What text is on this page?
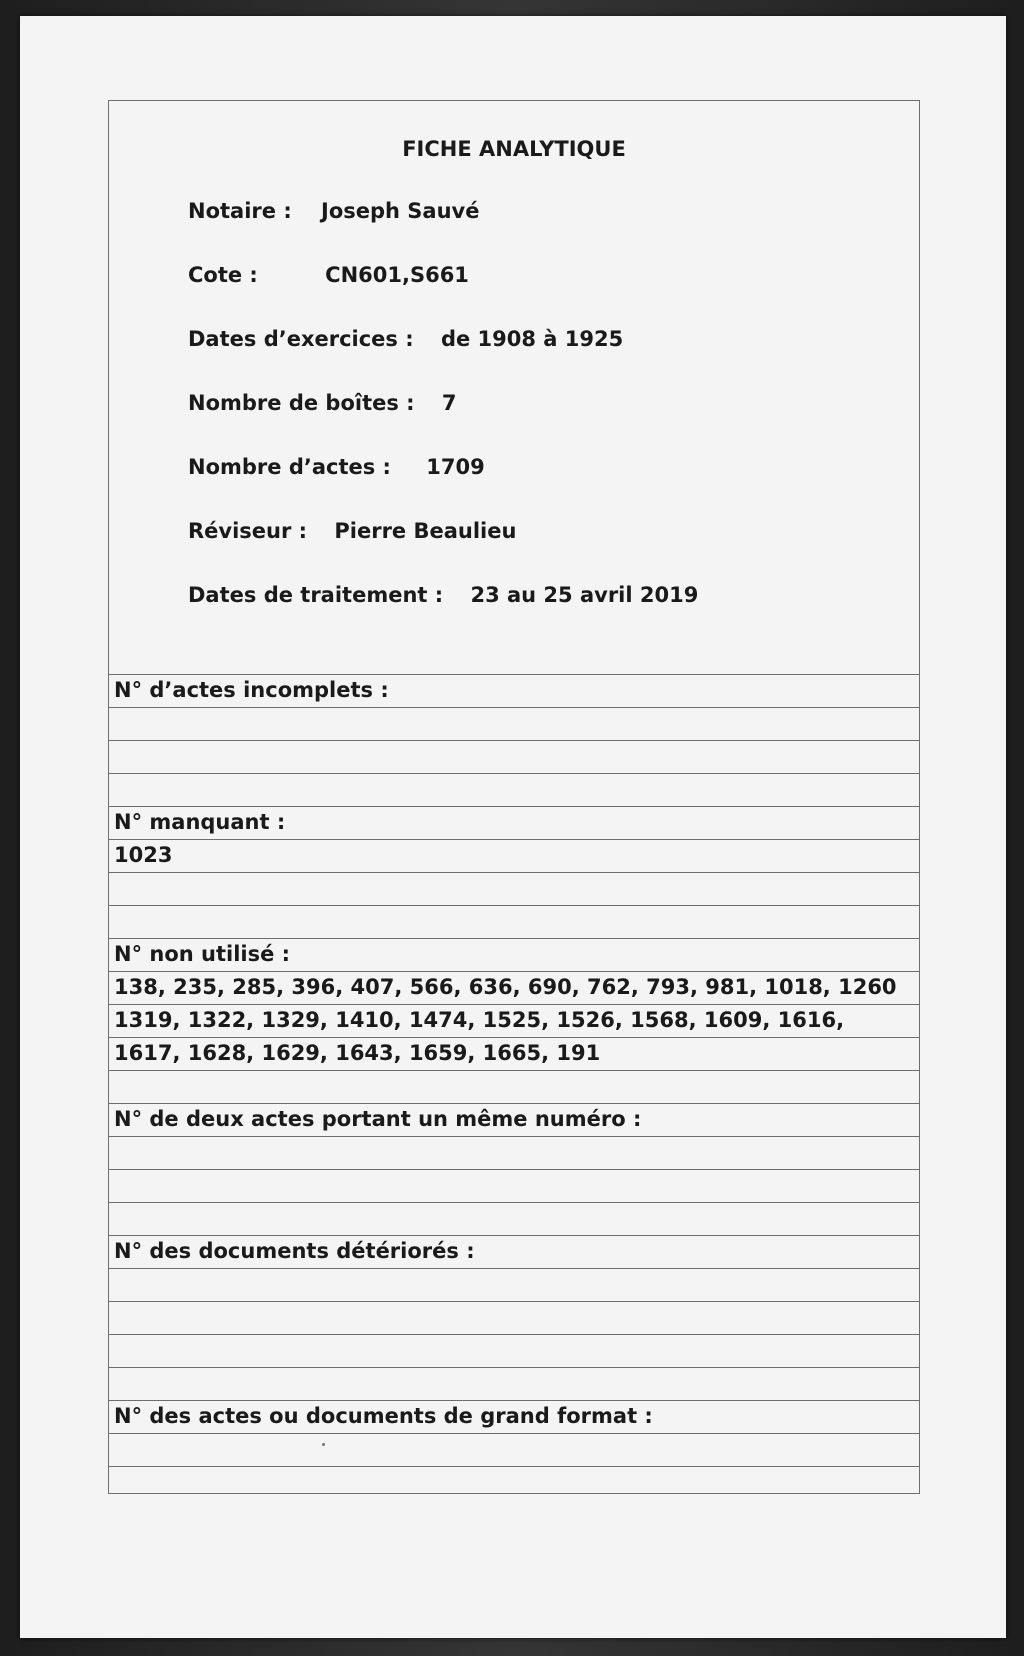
FICHE ANALYTIQUE
Notaire : Joseph Sauvé
Cote :	CN601,S661
Dates d’exercices : de 1908 à 1925
Nombre de boîtes : 7
Nombre d’actes : 1709
Réviseur : Pierre Beaulieu
Dates de traitement : 23 au 25 avril 2019
N° d’actes incomplets :
N° manquant :
1023
N° non utilisé :
138, 235, 285, 396, 407, 566, 636, 690, 762, 793, 981, 1018, 1260
1319, 1322, 1329, 1410, 1474, 1525, 1526, 1568, 1609, 1616,
1617, 1628, 1629, 1643, 1659, 1665, 191
N° de deux actes portant un même numéro :
N° des documents détériorés :
N° des actes ou documents de grand format :
